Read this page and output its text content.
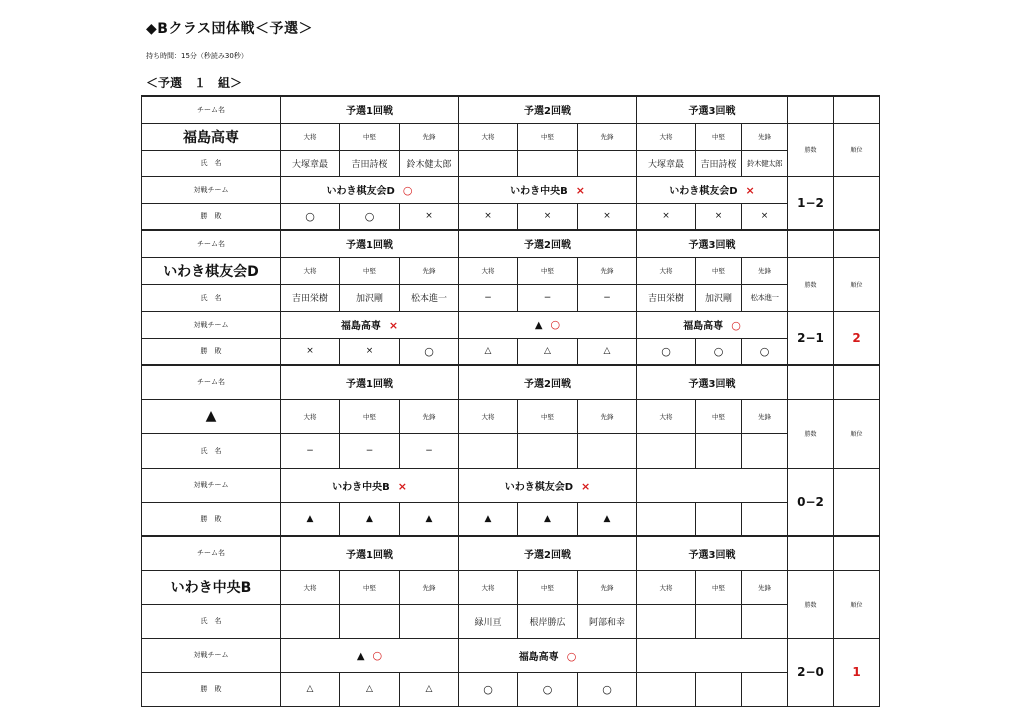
◆Bクラス団体戦＜予選＞
持ち時間：15分（秒読み30秒）
＜予選　１　組＞
チーム名	予選1回戦			予選2回戦			予選3回戦				
福島高専	大将	中堅	先鋒	大将	中堅	先鋒	大将	中堅	先鋒	勝数	順位
氏　名	大塚章最	吉田詩桜	鈴木健太郎				大塚章最	吉田詩桜	鈴木健太郎		
対戦チーム	いわき棋友会D ○			いわき中央B ×			いわき棋友会D ×			1−2	
勝　敗	○	○	×	×	×	×	×	×	×		
チーム名	予選1回戦			予選2回戦			予選3回戦				
いわき棋友会D	大将	中堅	先鋒	大将	中堅	先鋒	大将	中堅	先鋒	勝数	順位
氏　名	吉田栄樹	加沢剛	松本進一	−	−	−	吉田栄樹	加沢剛	松本進一		
対戦チーム	福島高専 ×			▲ ○			福島高専 ○			2−1	2
勝　敗	×	×	○	△	△	△	○	○	○		
チーム名	予選1回戦			予選2回戦			予選3回戦				
▲	大将	中堅	先鋒	大将	中堅	先鋒	大将	中堅	先鋒	勝数	順位
氏　名	−	−	−								
対戦チーム	いわき中央B ×			いわき棋友会D ×						0−2	
勝　敗	▲	▲	▲	▲	▲	▲					
チーム名	予選1回戦			予選2回戦			予選3回戦				
いわき中央B	大将	中堅	先鋒	大将	中堅	先鋒	大将	中堅	先鋒	勝数	順位
氏　名				緑川亘	根岸勝広	阿部和幸					
対戦チーム	▲ ○			福島高専 ○						2−0	1
勝　敗	△	△	△	○	○	○					
